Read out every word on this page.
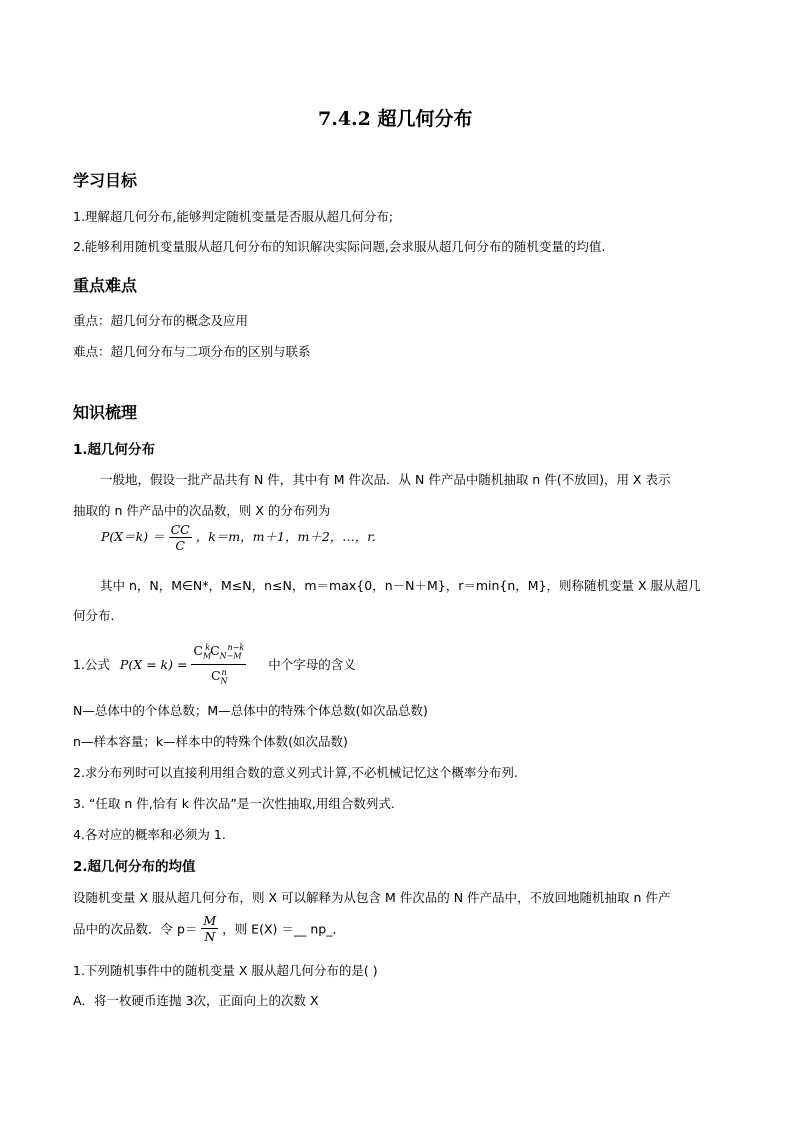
7.4.2 超几何分布
学习目标
1.理解超几何分布,能够判定随机变量是否服从超几何分布;
2.能够利用随机变量服从超几何分布的知识解决实际问题,会求服从超几何分布的随机变量的均值.
重点难点
重点：超几何分布的概念及应用
难点：超几何分布与二项分布的区别与联系
知识梳理
1.超几何分布
一般地，假设一批产品共有 N 件，其中有 M 件次品．从 N 件产品中随机抽取 n 件(不放回)，用 X 表示
抽取的 n 件产品中的次品数，则 X 的分布列为
$P(X=k) = \frac{CC}{C}$ ，k＝m，m＋1，m＋2，…，r.
其中 n，N，M∈N*，M≤N，n≤N，m＝max{0，n－N＋M}，r＝min{n，M}，则称随机变量 X 服从超几
何分布．
1.公式 $P(X = k) = \frac{C_M^kC_{N-M}^{n-k}}{C_N^n}$ 中个字母的含义
N—总体中的个体总数；M—总体中的特殊个体总数(如次品总数)
n—样本容量；k—样本中的特殊个体数(如次品数)
2.求分布列时可以直接利用组合数的意义列式计算,不必机械记忆这个概率分布列.
3. “任取 n 件,恰有 k 件次品”是一次性抽取,用组合数列式.
4.各对应的概率和必须为 1.
2.超几何分布的均值
设随机变量 X 服从超几何分布，则 X 可以解释为从包含 M 件次品的 N 件产品中，不放回地随机抽取 n 件产
品中的次品数．令 $p= \frac{M}{N}$ ，则 E(X) ＝__ np_．
1.下列随机事件中的随机变量 X 服从超几何分布的是( )
A．将一枚硬币连抛 3次，正面向上的次数 X
